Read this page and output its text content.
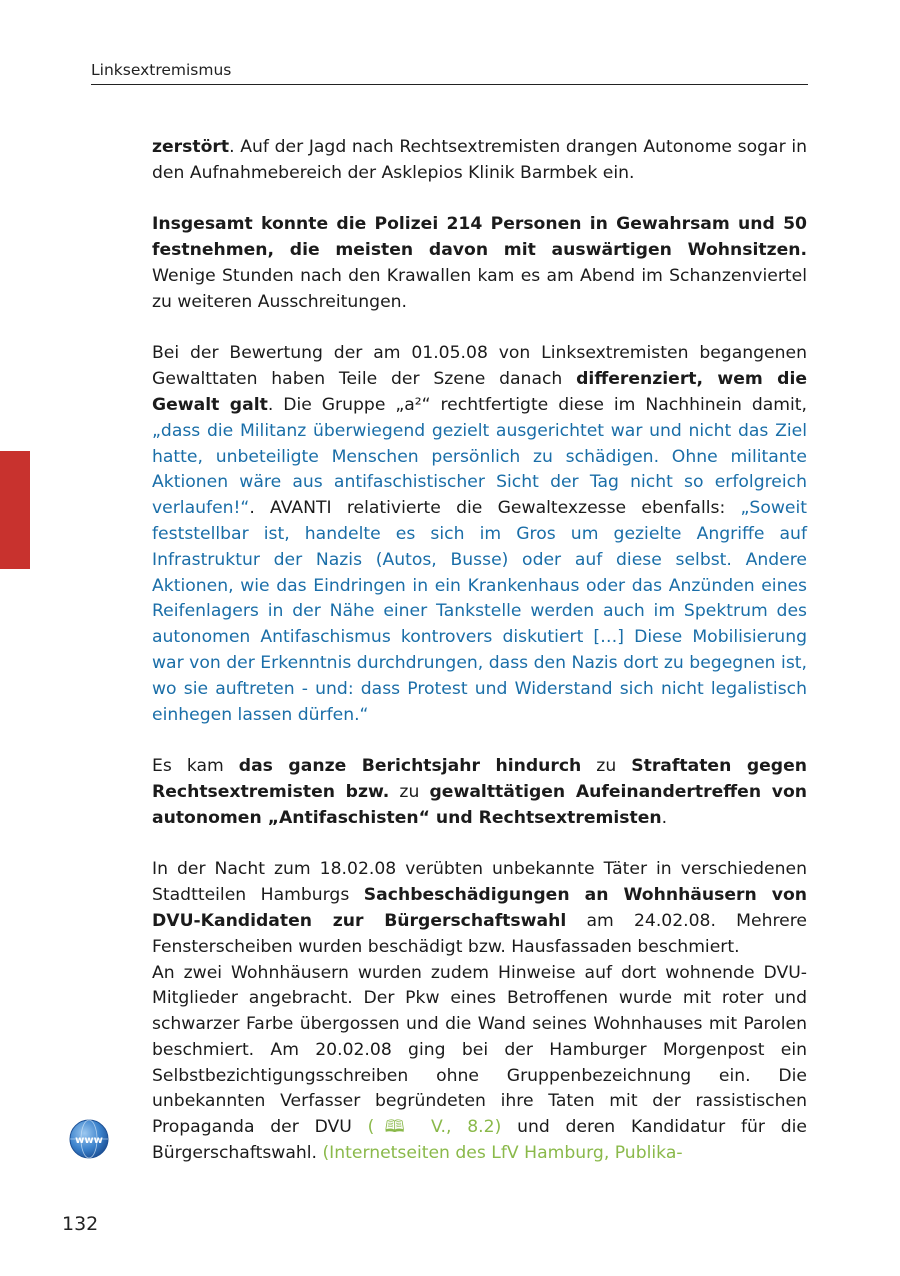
Linksextremismus

zerstört. Auf der Jagd nach Rechtsextremisten drangen Autonome sogar in den Aufnahmebereich der Asklepios Klinik Barmbek ein.

Insgesamt konnte die Polizei 214 Personen in Gewahrsam und 50 festnehmen, die meisten davon mit auswärtigen Wohnsitzen. Wenige Stunden nach den Krawallen kam es am Abend im Schanzenviertel zu weiteren Ausschreitungen.

Bei der Bewertung der am 01.05.08 von Linksextremisten begangenen Gewalttaten haben Teile der Szene danach differenziert, wem die Gewalt galt. Die Gruppe „a²“ rechtfertigte diese im Nachhinein damit, „dass die Militanz überwiegend gezielt ausgerichtet war und nicht das Ziel hatte, unbeteiligte Menschen persönlich zu schädigen. Ohne militante Aktionen wäre aus antifaschistischer Sicht der Tag nicht so erfolgreich verlaufen!“. AVANTI relativierte die Gewaltexzesse ebenfalls: „Soweit feststellbar ist, handelte es sich im Gros um gezielte Angriffe auf Infrastruktur der Nazis (Autos, Busse) oder auf diese selbst. Andere Aktionen, wie das Eindringen in ein Krankenhaus oder das Anzünden eines Reifenlagers in der Nähe einer Tankstelle werden auch im Spektrum des autonomen Antifaschismus kontrovers diskutiert […] Diese Mobilisierung war von der Erkenntnis durchdrungen, dass den Nazis dort zu begegnen ist, wo sie auftreten - und: dass Protest und Widerstand sich nicht legalistisch einhegen lassen dürfen.“

Es kam das ganze Berichtsjahr hindurch zu Straftaten gegen Rechtsextremisten bzw. zu gewalttätigen Aufeinandertreffen von autonomen „Antifaschisten“ und Rechtsextremisten.

In der Nacht zum 18.02.08 verübten unbekannte Täter in verschiedenen Stadtteilen Hamburgs Sachbeschädigungen an Wohnhäusern von DVU-Kandidaten zur Bürgerschaftswahl am 24.02.08. Mehrere Fensterscheiben wurden beschädigt bzw. Hausfassaden beschmiert.

An zwei Wohnhäusern wurden zudem Hinweise auf dort wohnende DVU-Mitglieder angebracht. Der Pkw eines Betroffenen wurde mit roter und schwarzer Farbe übergossen und die Wand seines Wohnhauses mit Parolen beschmiert. Am 20.02.08 ging bei der Hamburger Morgenpost ein Selbstbezichtigungsschreiben ohne Gruppenbezeichnung ein. Die unbekannten Verfasser begründeten ihre Taten mit der rassistischen Propaganda der DVU (🕮 V., 8.2) und deren Kandidatur für die Bürgerschaftswahl. (Internetseiten des LfV Hamburg, Publika-

www
132
